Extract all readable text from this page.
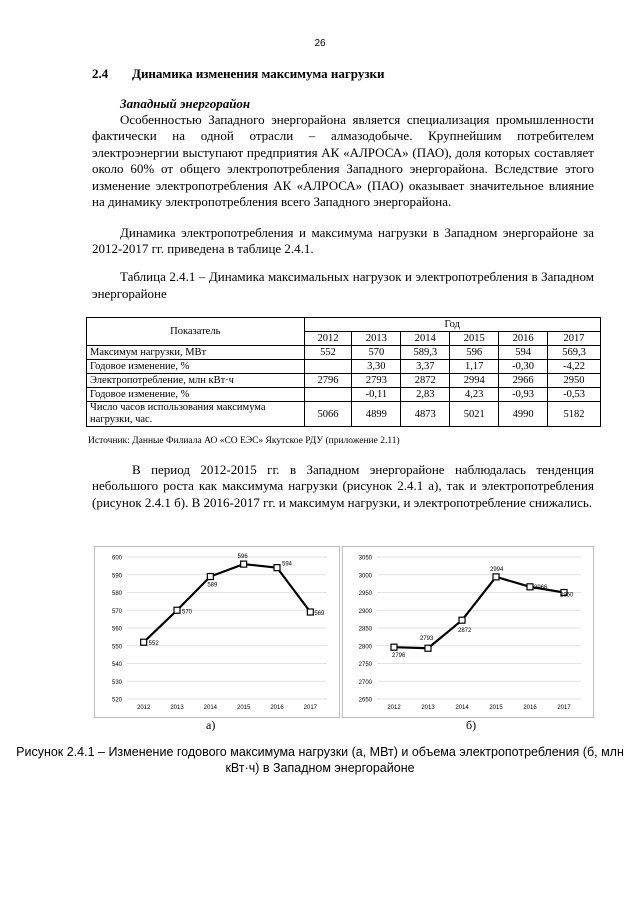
26
2.4 Динамика изменения максимума нагрузки
Западный энергорайон
Особенностью Западного энергорайона является специализация промышленности фактически на одной отрасли – алмазодобыче. Крупнейшим потребителем электроэнергии выступают предприятия АК «АЛРОСА» (ПАО), доля которых составляет около 60% от общего электропотребления Западного энергорайона. Вследствие этого изменение электропотребления АК «АЛРОСА» (ПАО) оказывает значительное влияние на динамику электропотребления всего Западного энергорайона.
Динамика электропотребления и максимума нагрузки в Западном энергорайоне за 2012-2017 гг. приведена в таблице 2.4.1.
Таблица 2.4.1 – Динамика максимальных нагрузок и электропотребления в Западном энергорайоне
Показатель	Год					
	2012	2013	2014	2015	2016	2017
Максимум нагрузки, МВт	552	570	589,3	596	594	569,3
Годовое изменение, %		3,30	3,37	1,17	-0,30	-4,22
Электропотребление, млн кВт·ч	2796	2793	2872	2994	2966	2950
Годовое изменение, %		-0,11	2,83	4,23	-0,93	-0,53
Число часов использования максимума нагрузки, час.	5066	4899	4873	5021	4990	5182
Источник: Данные Филиала АО «СО ЕЭС» Якутское РДУ (приложение 2.11)
В период 2012-2015 гг. в Западном энергорайоне наблюдалась тенденция небольшого роста как максимума нагрузки (рисунок 2.4.1 а), так и электропотребления (рисунок 2.4.1 б). В 2016-2017 гг. и максимум нагрузки, и электропотребление снижались.
520
530
540
550
560
570
580
590
600
2012	2013	2014	2015	2016	2017
552
570
589
596
594
569
а)
2650
2700
2750
2800
2850
2900
2950
3000
3050
2012	2013	2014	2015	2016	2017
2796
2793
2872
2994
2966
2950
б)
Рисунок 2.4.1 – Изменение годового максимума нагрузки (а, МВт) и объема электропотребления (б, млн кВт·ч) в Западном энергорайоне
